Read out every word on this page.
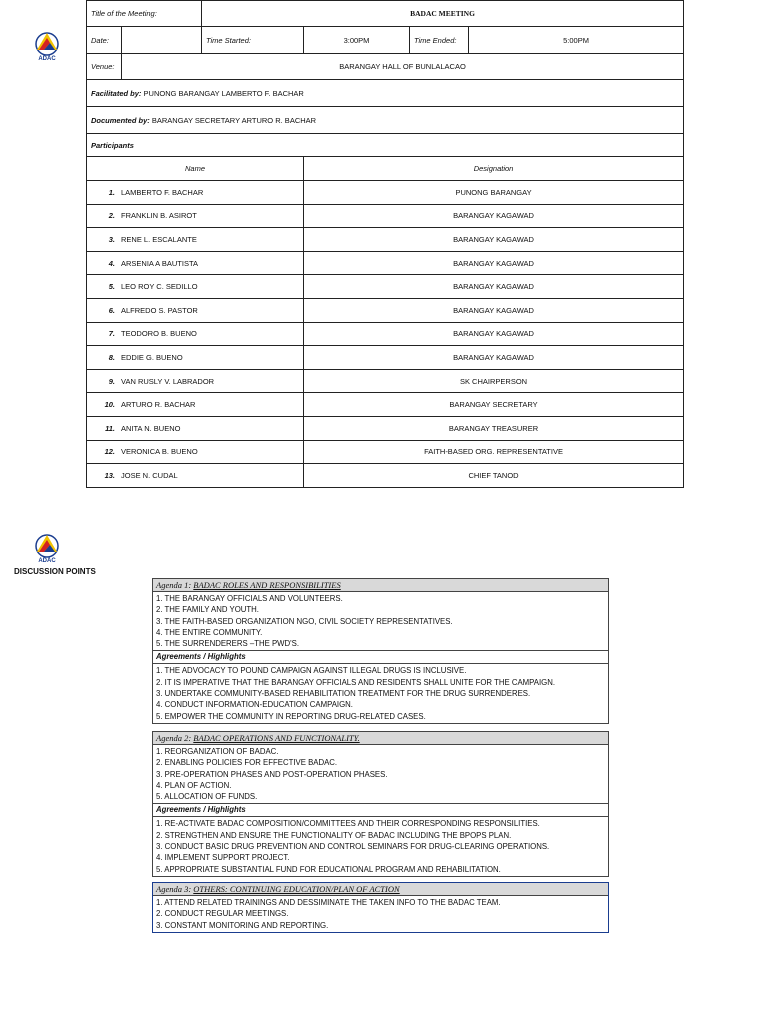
ADAC
ADAC
Title of the Meeting:		BADAC MEETING			
Date:		Time Started:	3:00PM	Time Ended:	5:00PM
Venue:	BARANGAY HALL OF BUNLALACAO				
Facilitated by: PUNONG BARANGAY LAMBERTO F. BACHAR					
Documented by: BARANGAY SECRETARY ARTURO R. BACHAR					
Participants					
Name			Designation		
1. LAMBERTO F. BACHAR			PUNONG BARANGAY		
2. FRANKLIN B. ASIROT			BARANGAY KAGAWAD		
3. RENE L. ESCALANTE			BARANGAY KAGAWAD		
4. ARSENIA A BAUTISTA			BARANGAY KAGAWAD		
5. LEO ROY C. SEDILLO			BARANGAY KAGAWAD		
6. ALFREDO S. PASTOR			BARANGAY KAGAWAD		
7. TEODORO B. BUENO			BARANGAY KAGAWAD		
8. EDDIE G. BUENO			BARANGAY KAGAWAD		
9. VAN RUSLY V. LABRADOR			SK CHAIRPERSON		
10. ARTURO R. BACHAR			BARANGAY SECRETARY		
11. ANITA N. BUENO			BARANGAY TREASURER		
12. VERONICA B. BUENO			FAITH-BASED ORG. REPRESENTATIVE		
13. JOSE N. CUDAL			CHIEF TANOD		
DISCUSSION POINTS
Agenda 1: BADAC ROLES AND RESPONSIBILITIES
1. THE BARANGAY OFFICIALS AND VOLUNTEERS.
2. THE FAMILY AND YOUTH.
3. THE FAITH-BASED ORGANIZATION NGO, CIVIL SOCIETY REPRESENTATIVES.
4. THE ENTIRE COMMUNITY.
5. THE SURRENDERERS –THE PWD'S.
Agreements / Highlights
1. THE ADVOCACY TO POUND CAMPAIGN AGAINST ILLEGAL DRUGS IS INCLUSIVE.
2. IT IS IMPERATIVE THAT THE BARANGAY OFFICIALS AND RESIDENTS SHALL UNITE FOR THE CAMPAIGN.
3. UNDERTAKE COMMUNITY-BASED REHABILITATION TREATMENT FOR THE DRUG SURRENDERES.
4. CONDUCT INFORMATION-EDUCATION CAMPAIGN.
5. EMPOWER THE COMMUNITY IN REPORTING DRUG-RELATED CASES.
Agenda 2: BADAC OPERATIONS AND FUNCTIONALITY.
1. REORGANIZATION OF BADAC.
2. ENABLING POLICIES FOR EFFECTIVE BADAC.
3. PRE-OPERATION PHASES AND POST-OPERATION PHASES.
4. PLAN OF ACTION.
5. ALLOCATION OF FUNDS.
Agreements / Highlights
1. RE-ACTIVATE BADAC COMPOSITION/COMMITTEES AND THEIR CORRESPONDING RESPONSILITIES.
2. STRENGTHEN AND ENSURE THE FUNCTIONALITY OF BADAC INCLUDING THE BPOPS PLAN.
3. CONDUCT BASIC DRUG PREVENTION AND CONTROL SEMINARS FOR DRUG-CLEARING OPERATIONS.
4. IMPLEMENT SUPPORT PROJECT.
5. APPROPRIATE SUBSTANTIAL FUND FOR EDUCATIONAL PROGRAM AND REHABILITATION.
Agenda 3: OTHERS: CONTINUING EDUCATION/PLAN OF ACTION
1. ATTEND RELATED TRAININGS AND DESSIMINATE THE TAKEN INFO TO THE BADAC TEAM.
2. CONDUCT REGULAR MEETINGS.
3. CONSTANT MONITORING AND REPORTING.
